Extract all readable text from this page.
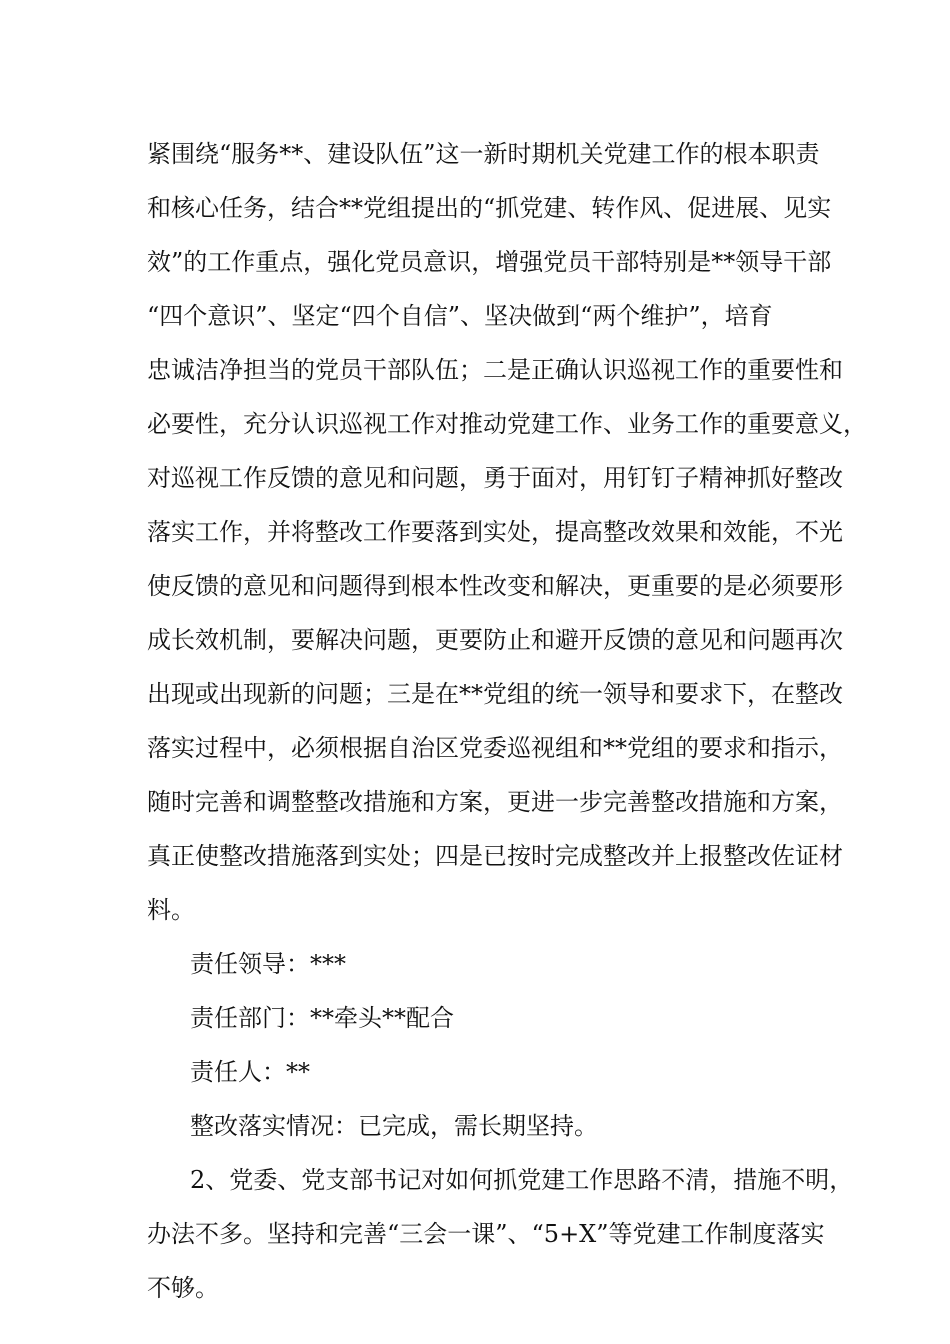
紧围绕“服务**、建设队伍”这一新时期机关党建工作的根本职责
和核心任务，结合**党组提出的“抓党建、转作风、促进展、见实
效”的工作重点，强化党员意识，增强党员干部特别是**领导干部
“四个意识”、坚定“四个自信”、坚决做到“两个维护”，培育
忠诚洁净担当的党员干部队伍；二是正确认识巡视工作的重要性和
必要性，充分认识巡视工作对推动党建工作、业务工作的重要意义，
对巡视工作反馈的意见和问题，勇于面对，用钉钉子精神抓好整改
落实工作，并将整改工作要落到实处，提高整改效果和效能，不光
使反馈的意见和问题得到根本性改变和解决，更重要的是必须要形
成长效机制，要解决问题，更要防止和避开反馈的意见和问题再次
出现或出现新的问题；三是在**党组的统一领导和要求下，在整改
落实过程中，必须根据自治区党委巡视组和**党组的要求和指示，
随时完善和调整整改措施和方案，更进一步完善整改措施和方案，
真正使整改措施落到实处；四是已按时完成整改并上报整改佐证材
料。
责任领导：***
责任部门：**牵头**配合
责任人：**
整改落实情况：已完成，需长期坚持。
2、党委、党支部书记对如何抓党建工作思路不清，措施不明，
办法不多。坚持和完善“三会一课”、“5+X”等党建工作制度落实
不够。
